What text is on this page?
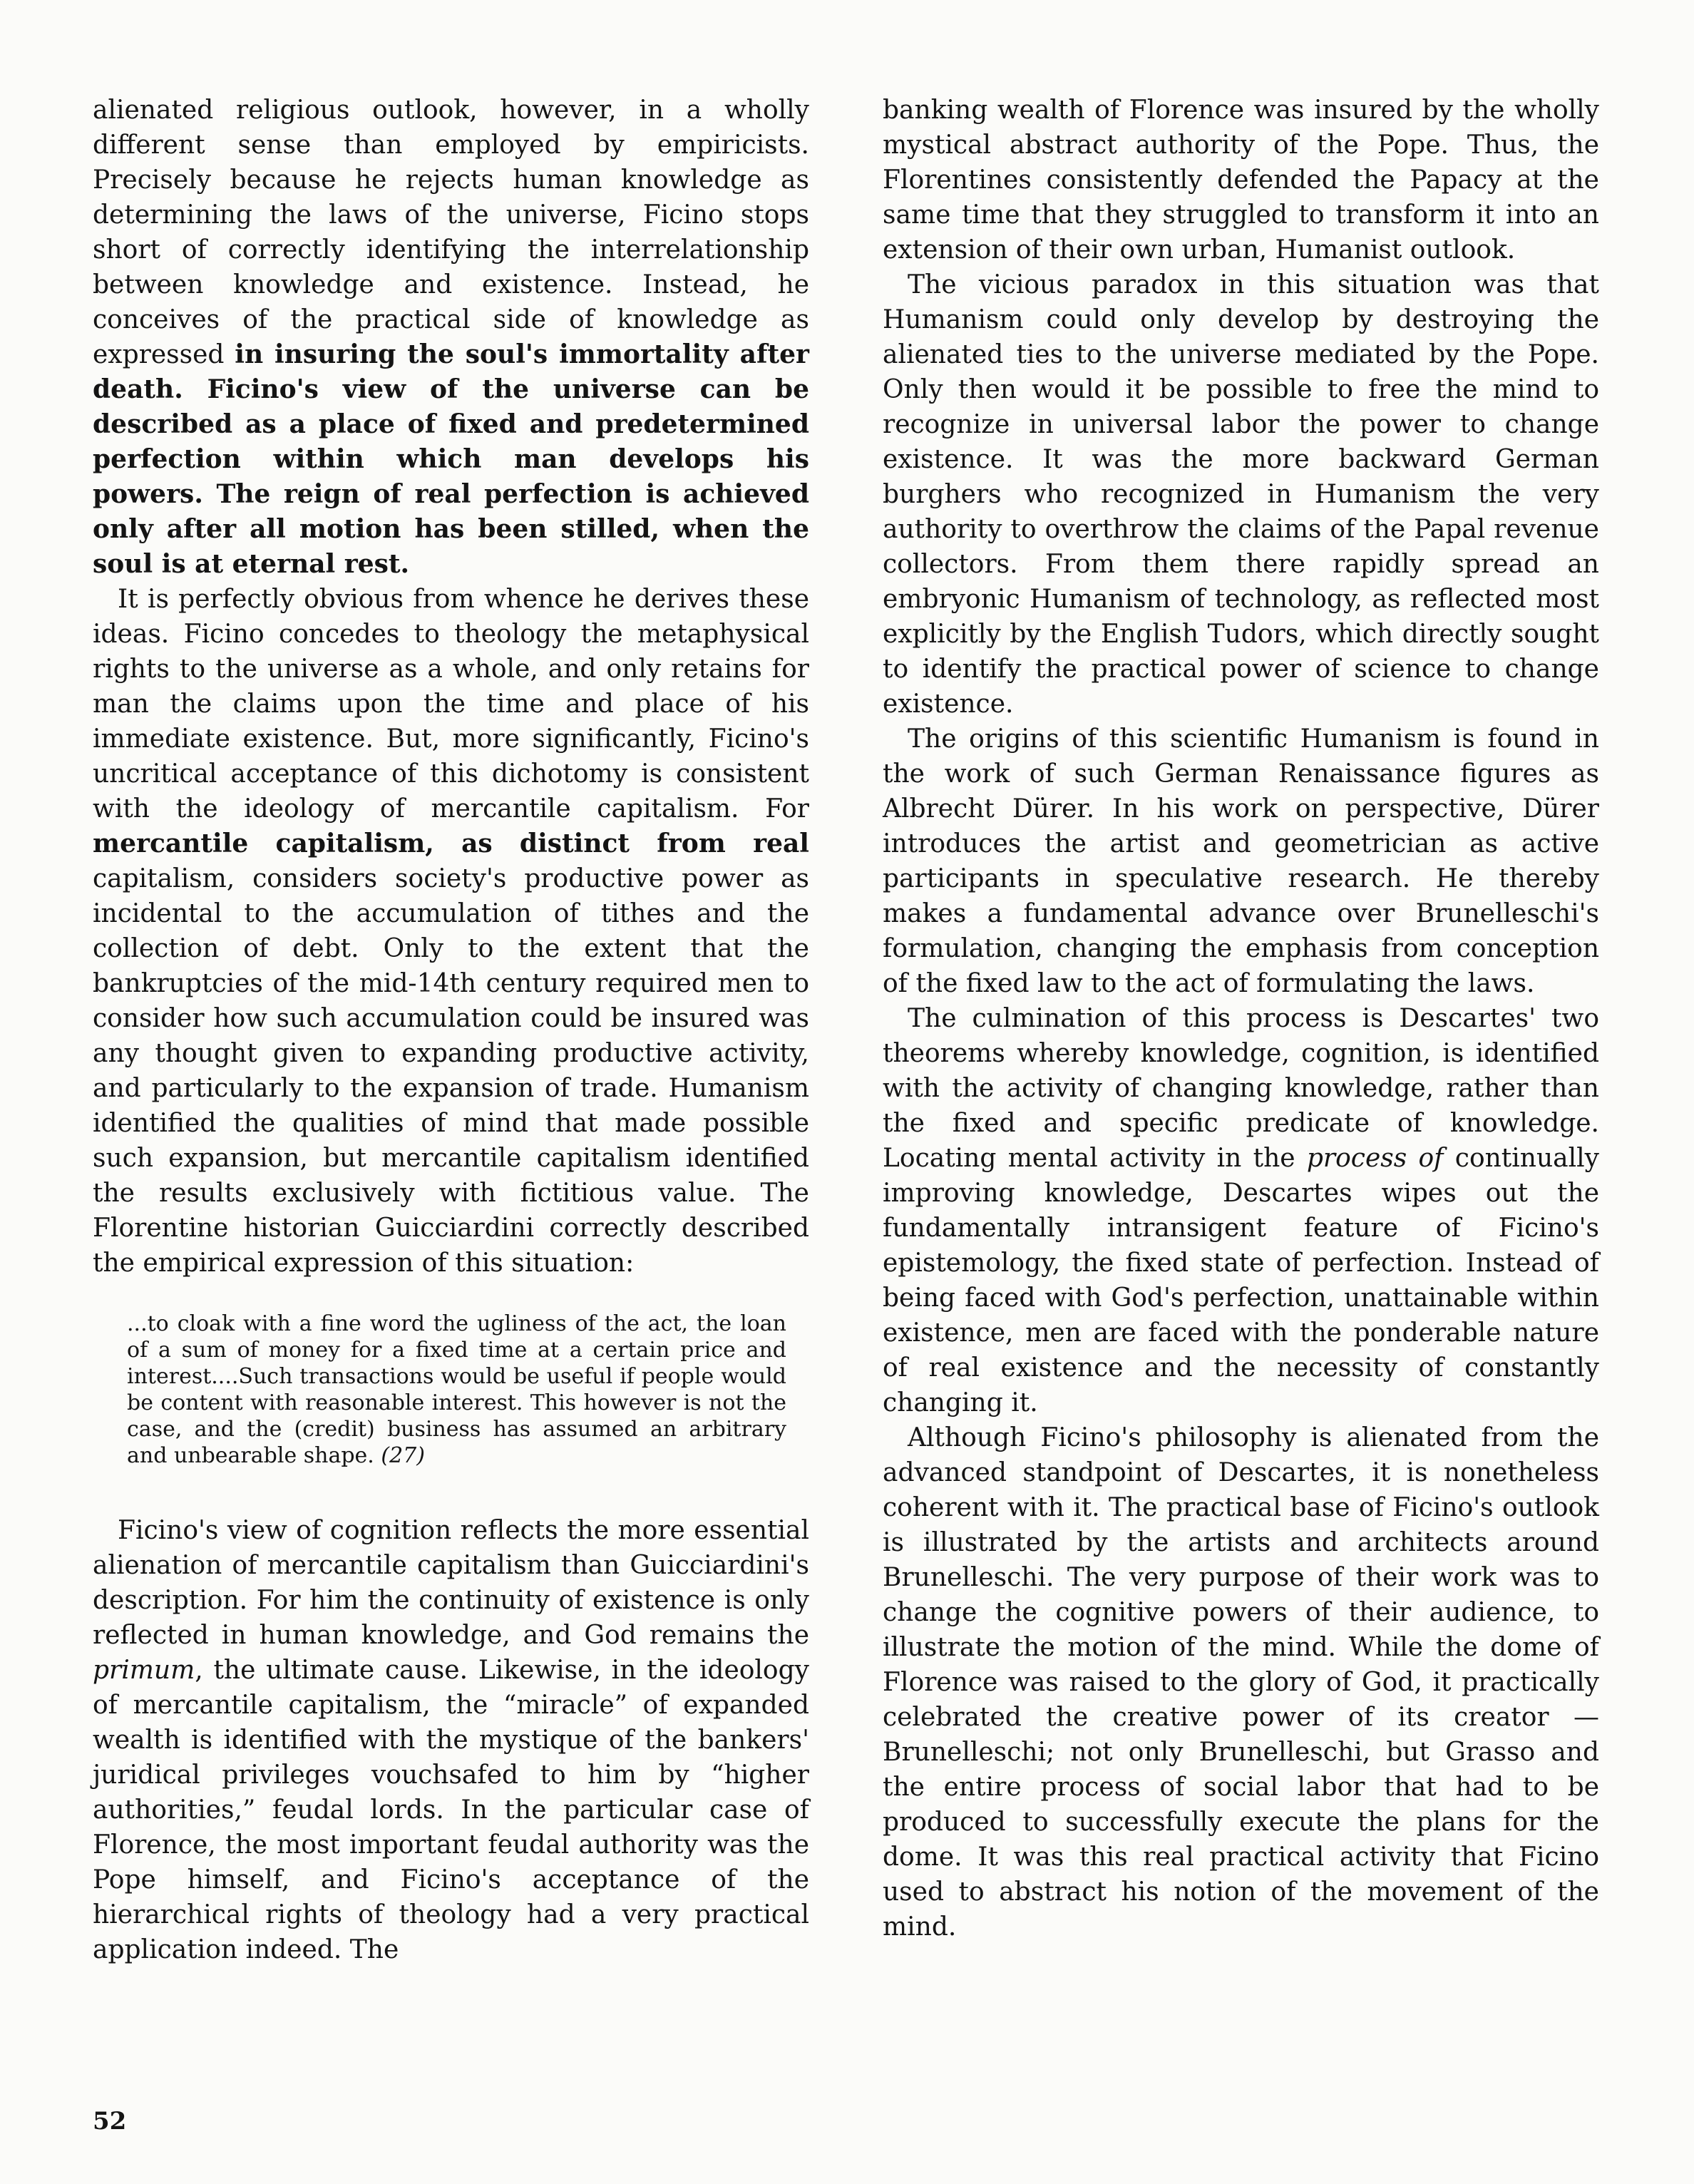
alienated religious outlook, however, in a wholly different sense than employed by empiricists. Precisely because he rejects human knowledge as determining the laws of the universe, Ficino stops short of correctly identifying the interrelationship between knowledge and existence. Instead, he conceives of the practical side of knowledge as expressed in insuring the soul's immortality after death. Ficino's view of the universe can be described as a place of fixed and predetermined perfection within which man develops his powers. The reign of real perfection is achieved only after all motion has been stilled, when the soul is at eternal rest.

It is perfectly obvious from whence he derives these ideas. Ficino concedes to theology the metaphysical rights to the universe as a whole, and only retains for man the claims upon the time and place of his immediate existence. But, more significantly, Ficino's uncritical acceptance of this dichotomy is consistent with the ideology of mercantile capitalism. For mercantile capitalism, as distinct from real capitalism, considers society's productive power as incidental to the accumulation of tithes and the collection of debt. Only to the extent that the bankruptcies of the mid-14th century required men to consider how such accumulation could be insured was any thought given to expanding productive activity, and particularly to the expansion of trade. Humanism identified the qualities of mind that made possible such expansion, but mercantile capitalism identified the results exclusively with fictitious value. The Florentine historian Guicciardini correctly described the empirical expression of this situation:

...to cloak with a fine word the ugliness of the act, the loan of a sum of money for a fixed time at a certain price and interest....Such transactions would be useful if people would be content with reasonable interest. This however is not the case, and the (credit) business has assumed an arbitrary and unbearable shape. (27)

Ficino's view of cognition reflects the more essential alienation of mercantile capitalism than Guicciardini's description. For him the continuity of existence is only reflected in human knowledge, and God remains the primum, the ultimate cause. Likewise, in the ideology of mercantile capitalism, the “miracle” of expanded wealth is identified with the mystique of the bankers' juridical privileges vouchsafed to him by “higher authorities,” feudal lords. In the particular case of Florence, the most important feudal authority was the Pope himself, and Ficino's acceptance of the hierarchical rights of theology had a very practical application indeed. The

banking wealth of Florence was insured by the wholly mystical abstract authority of the Pope. Thus, the Florentines consistently defended the Papacy at the same time that they struggled to transform it into an extension of their own urban, Humanist outlook.

The vicious paradox in this situation was that Humanism could only develop by destroying the alienated ties to the universe mediated by the Pope. Only then would it be possible to free the mind to recognize in universal labor the power to change existence. It was the more backward German burghers who recognized in Humanism the very authority to overthrow the claims of the Papal revenue collectors. From them there rapidly spread an embryonic Humanism of technology, as reflected most explicitly by the English Tudors, which directly sought to identify the practical power of science to change existence.

The origins of this scientific Humanism is found in the work of such German Renaissance figures as Albrecht Dürer. In his work on perspective, Dürer introduces the artist and geometrician as active participants in speculative research. He thereby makes a fundamental advance over Brunelleschi's formulation, changing the emphasis from conception of the fixed law to the act of formulating the laws.

The culmination of this process is Descartes' two theorems whereby knowledge, cognition, is identified with the activity of changing knowledge, rather than the fixed and specific predicate of knowledge. Locating mental activity in the process of continually improving knowledge, Descartes wipes out the fundamentally intransigent feature of Ficino's epistemology, the fixed state of perfection. Instead of being faced with God's perfection, unattainable within existence, men are faced with the ponderable nature of real existence and the necessity of constantly changing it.

Although Ficino's philosophy is alienated from the advanced standpoint of Descartes, it is nonetheless coherent with it. The practical base of Ficino's outlook is illustrated by the artists and architects around Brunelleschi. The very purpose of their work was to change the cognitive powers of their audience, to illustrate the motion of the mind. While the dome of Florence was raised to the glory of God, it practically celebrated the creative power of its creator — Brunelleschi; not only Brunelleschi, but Grasso and the entire process of social labor that had to be produced to successfully execute the plans for the dome. It was this real practical activity that Ficino used to abstract his notion of the movement of the mind.

52
